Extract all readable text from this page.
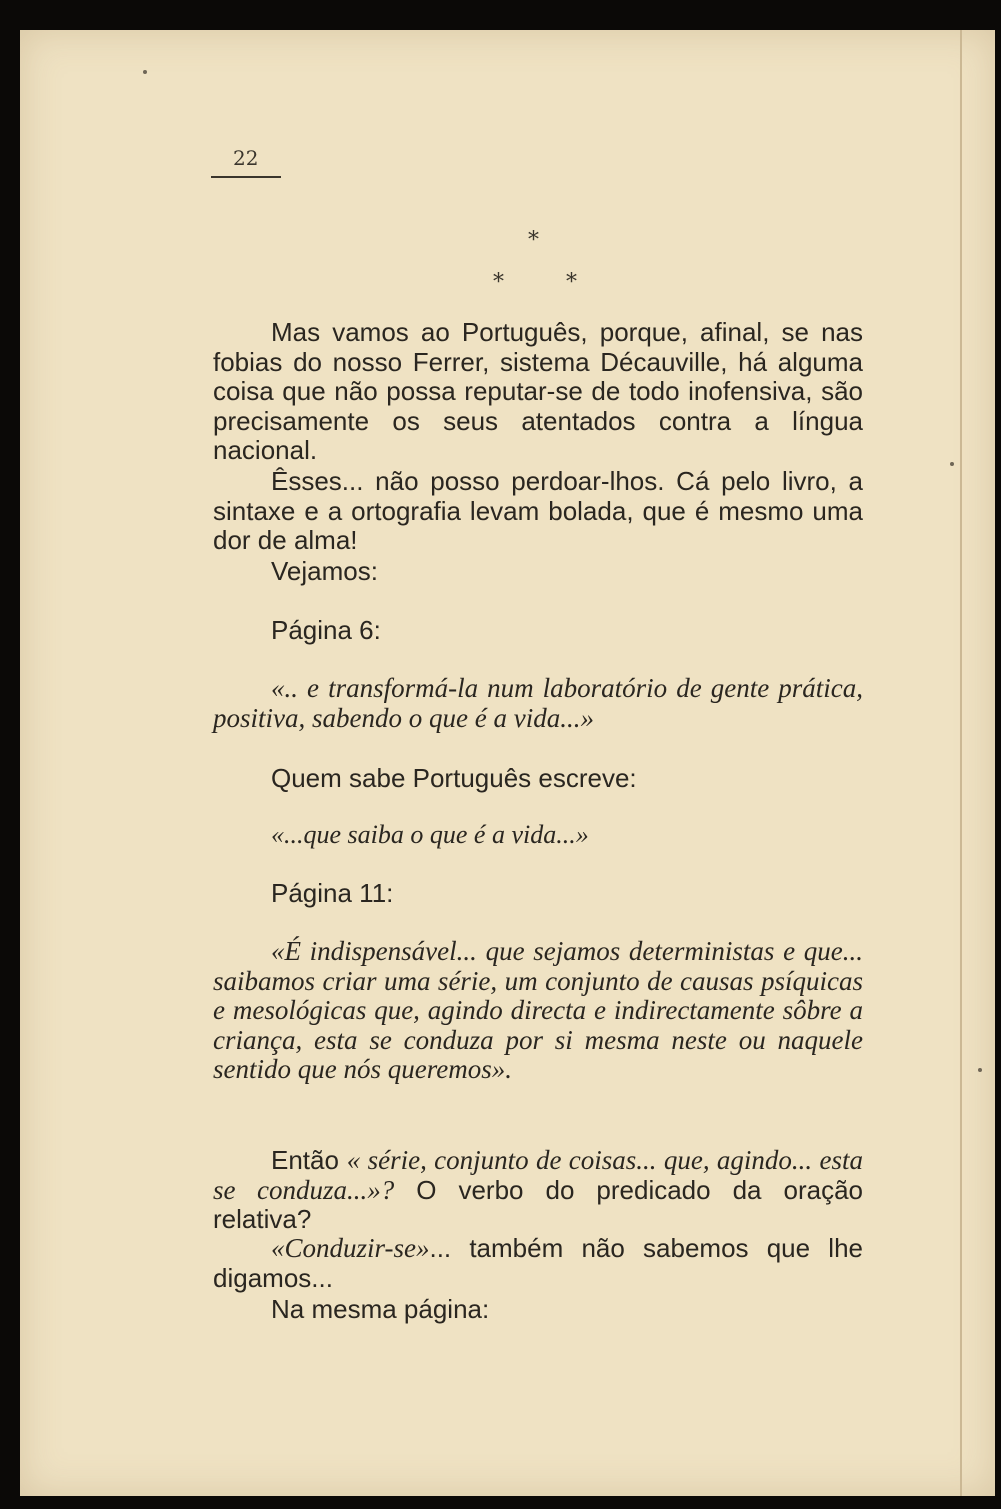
22
*
*	*

Mas vamos ao Português, porque, afinal, se nas fobias do nosso Ferrer, sistema Décauville, há alguma coisa que não possa reputar-se de todo inofensiva, são precisamente os seus atentados contra a língua nacional.

Êsses... não posso perdoar-lhos. Cá pelo livro, a sintaxe e a ortografia levam bolada, que é mesmo uma dor de alma!

Vejamos:

Página 6:

«.. e transformá-la num laboratório de gente prática, positiva, sabendo o que é a vida...»

Quem sabe Português escreve:

«...que saiba o que é a vida...»

Página 11:

«É indispensável... que sejamos deterministas e que... saibamos criar uma série, um conjunto de causas psíquicas e mesológicas que, agindo directa e indirectamente sôbre a criança, esta se conduza por si mesma neste ou naquele sentido que nós queremos».

Então « série, conjunto de coisas... que, agindo... esta se conduza...»? O verbo do predicado da oração relativa?

«Conduzir-se»... também não sabemos que lhe digamos...

Na mesma página:
